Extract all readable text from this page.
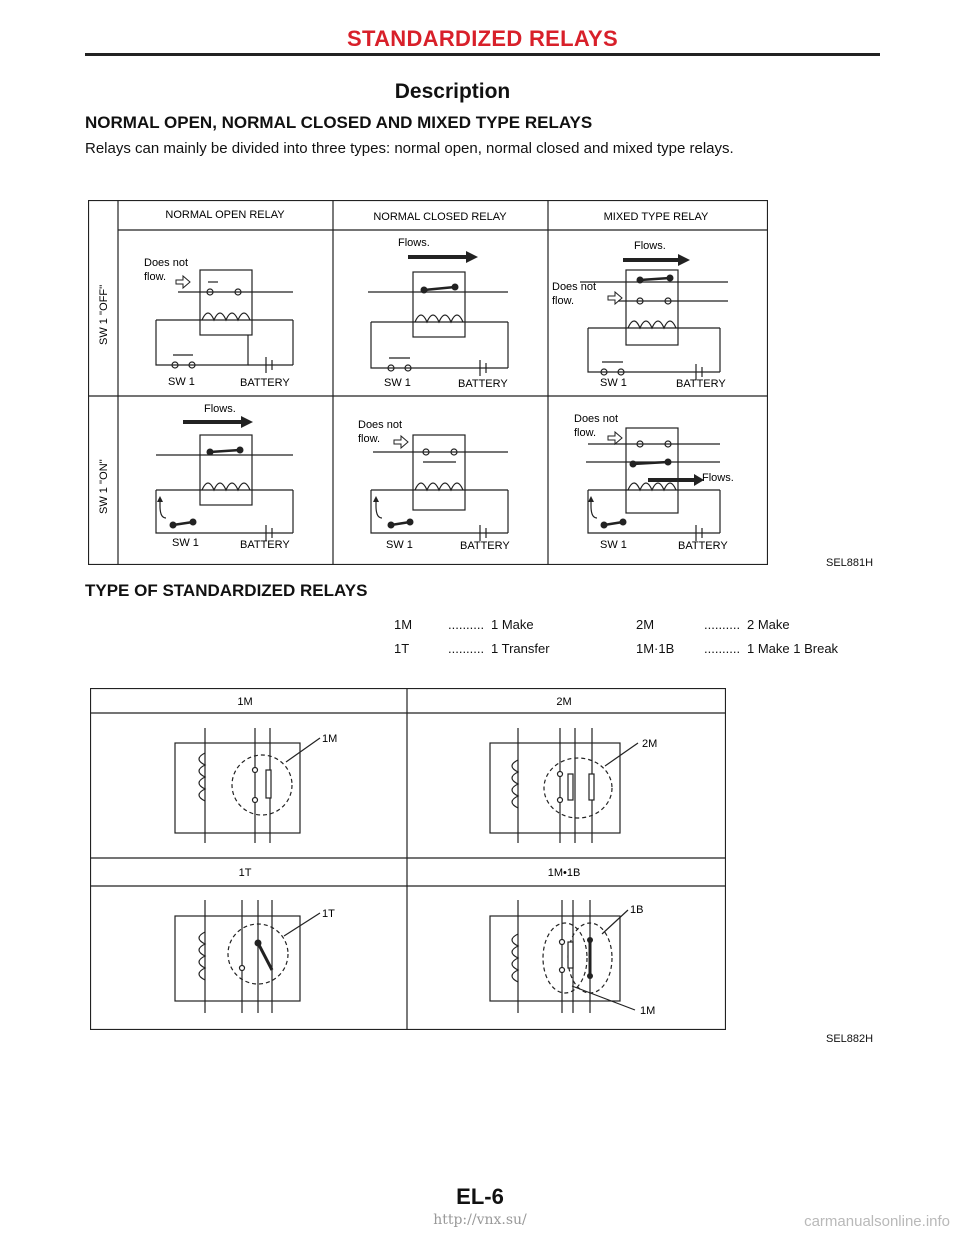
STANDARDIZED RELAYS
Description
NORMAL OPEN, NORMAL CLOSED AND MIXED TYPE RELAYS
Relays can mainly be divided into three types: normal open, normal closed and mixed type relays.
NORMAL OPEN RELAY	NORMAL CLOSED RELAY	MIXED TYPE RELAY
SW 1 ''OFF''
SW 1 ''ON''
Does not
flow.
SW 1	BATTERY
Flows.
SW 1	BATTERY
Flows.
Does not
flow.
SW 1	BATTERY
Flows.
SW 1	BATTERY
Does not
flow.
SW 1	BATTERY
Does not
flow.
Flows.
SW 1	BATTERY
SEL881H
TYPE OF STANDARDIZED RELAYS
1M	.......... 1 Make	2M	.......... 2 Make
1T	.......... 1 Transfer	1M·1B .......... 1 Make 1 Break
1M	2M
1T	1M•1B
1M	2M
1T	1B
1M
SEL882H
EL-6
http://vnx.su/	carmanualsonline.info
